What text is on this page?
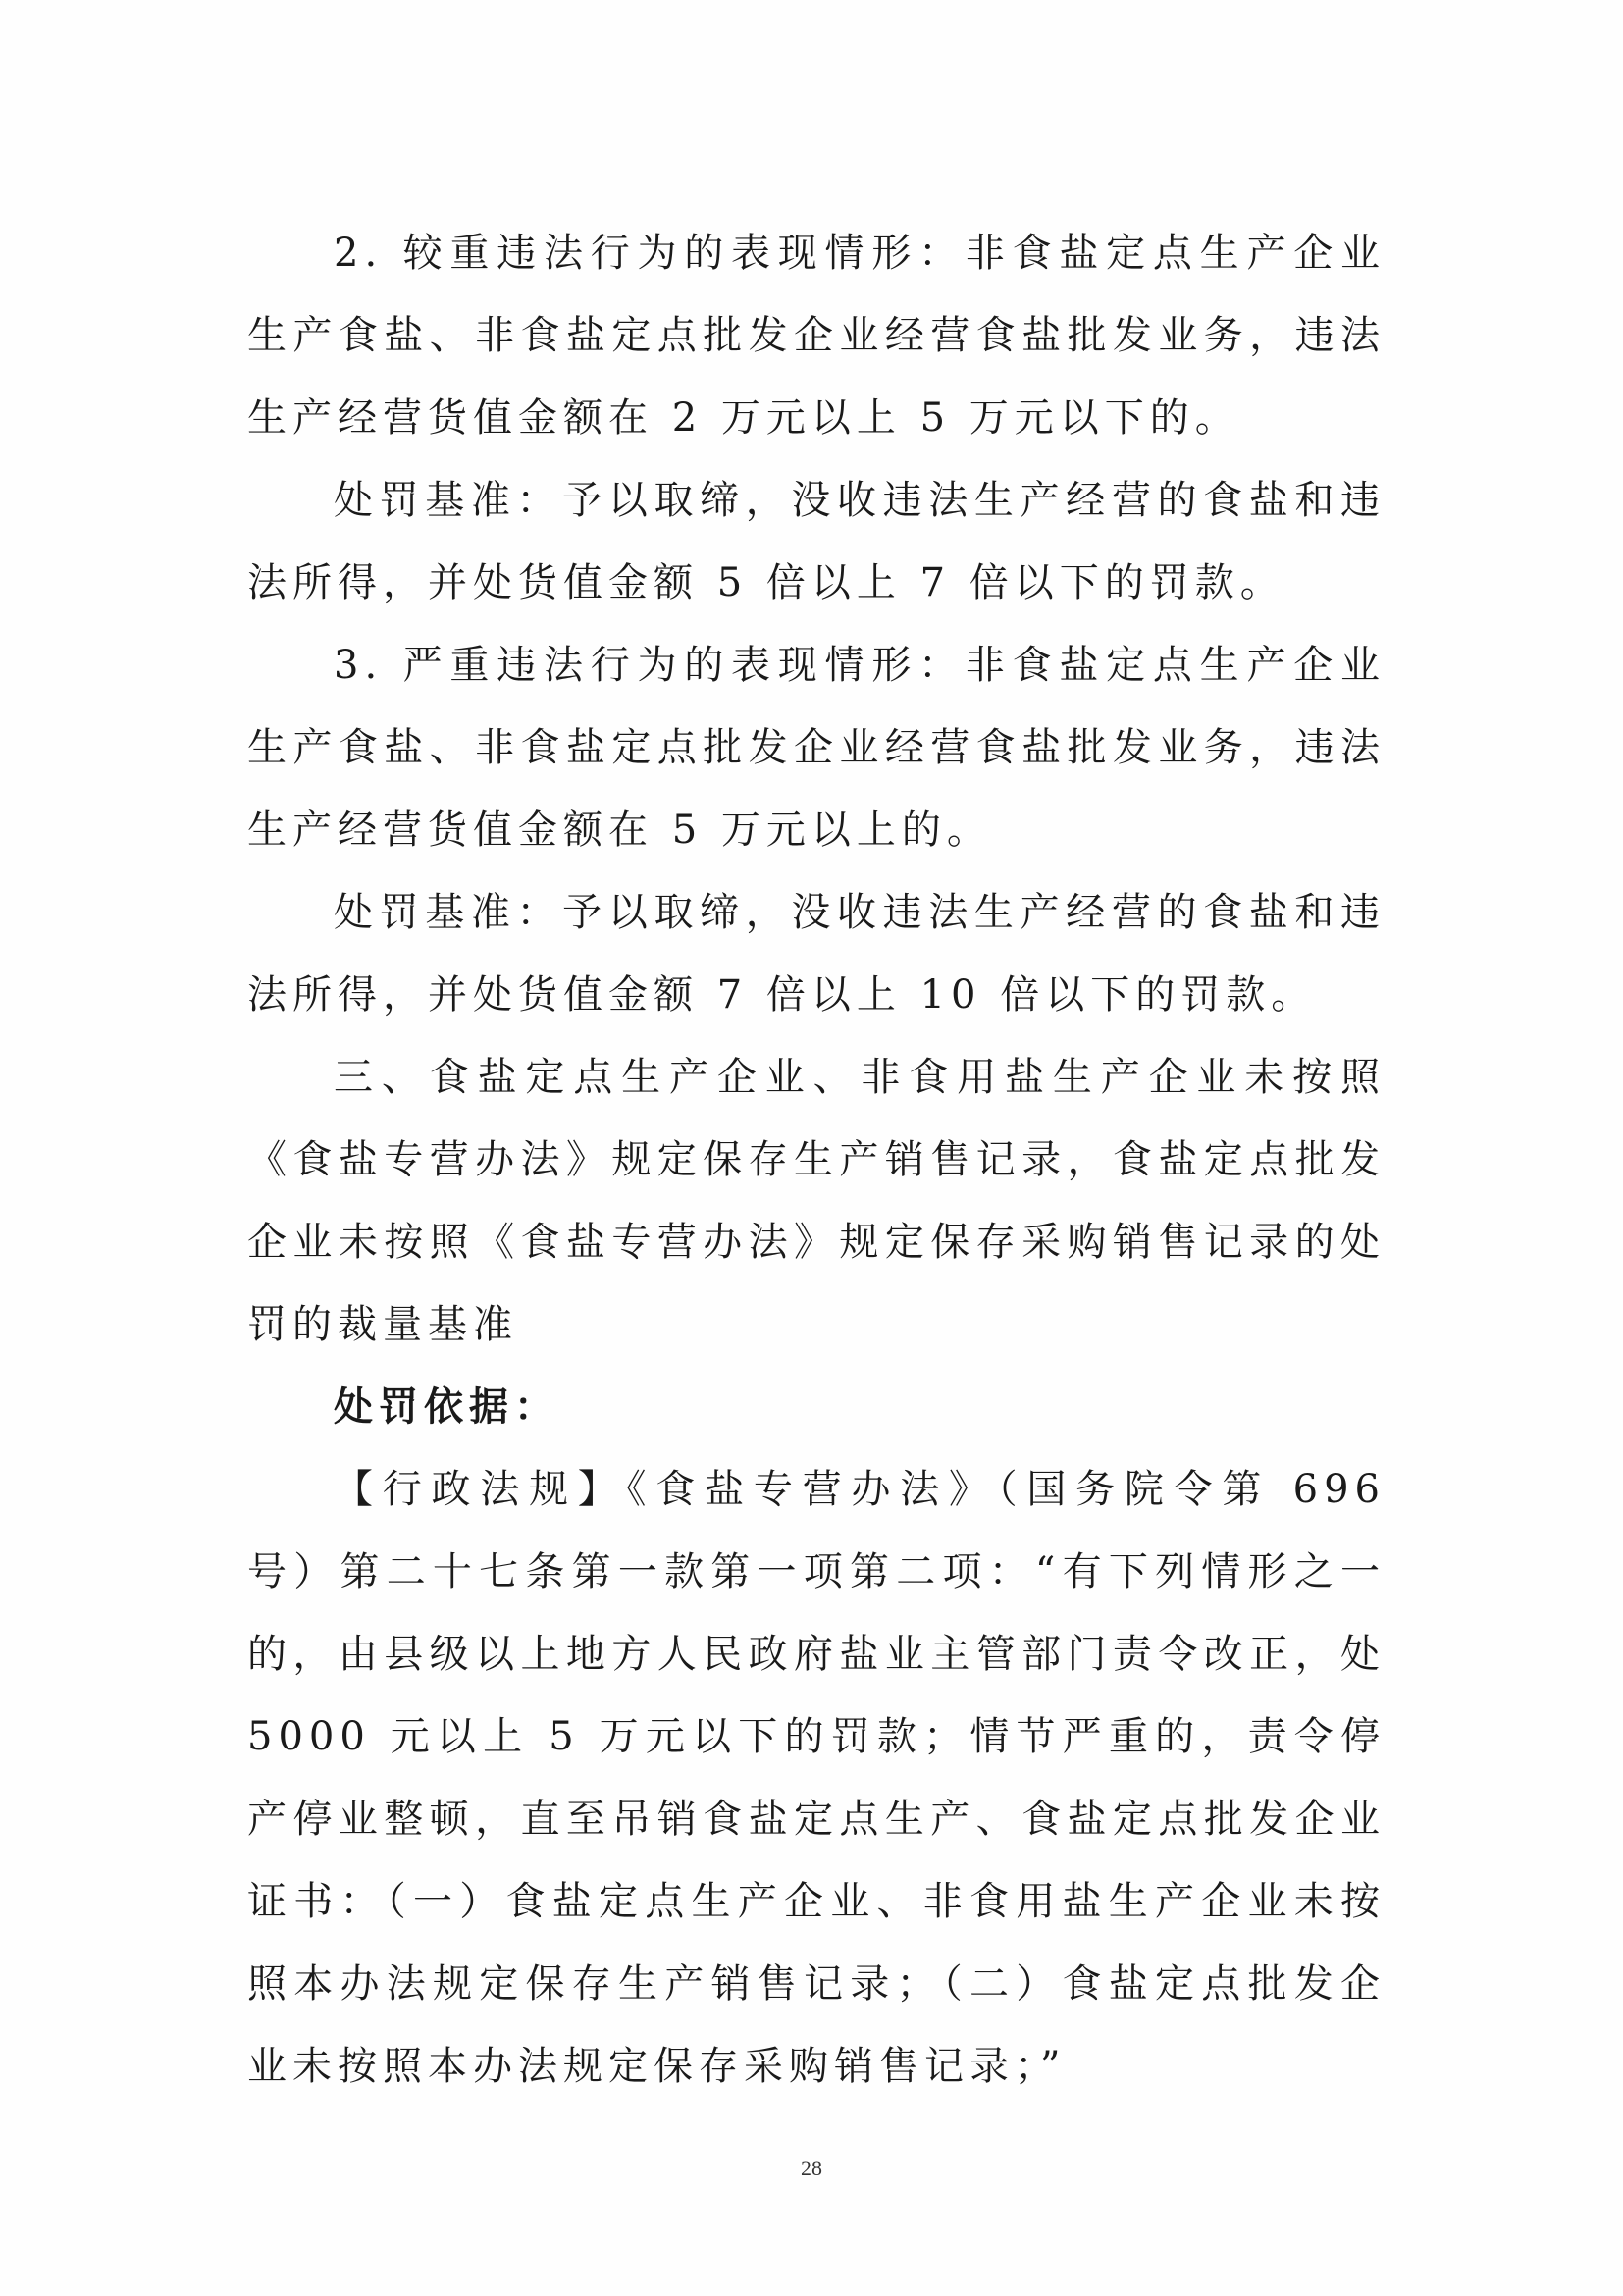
2. 较重违法行为的表现情形：非食盐定点生产企业生产食盐、非食盐定点批发企业经营食盐批发业务，违法生产经营货值金额在 2 万元以上 5 万元以下的。

处罚基准：予以取缔，没收违法生产经营的食盐和违法所得，并处货值金额 5 倍以上 7 倍以下的罚款。

3. 严重违法行为的表现情形：非食盐定点生产企业生产食盐、非食盐定点批发企业经营食盐批发业务，违法生产经营货值金额在 5 万元以上的。

处罚基准：予以取缔，没收违法生产经营的食盐和违法所得，并处货值金额 7 倍以上 10 倍以下的罚款。

三、食盐定点生产企业、非食用盐生产企业未按照《食盐专营办法》规定保存生产销售记录，食盐定点批发企业未按照《食盐专营办法》规定保存采购销售记录的处罚的裁量基准

处罚依据：

【行政法规】《食盐专营办法》（国务院令第 696 号）第二十七条第一款第一项第二项：“有下列情形之一的，由县级以上地方人民政府盐业主管部门责令改正，处 5000 元以上 5 万元以下的罚款；情节严重的，责令停产停业整顿，直至吊销食盐定点生产、食盐定点批发企业证书：（一）食盐定点生产企业、非食用盐生产企业未按照本办法规定保存生产销售记录；（二）食盐定点批发企业未按照本办法规定保存采购销售记录；”

28
